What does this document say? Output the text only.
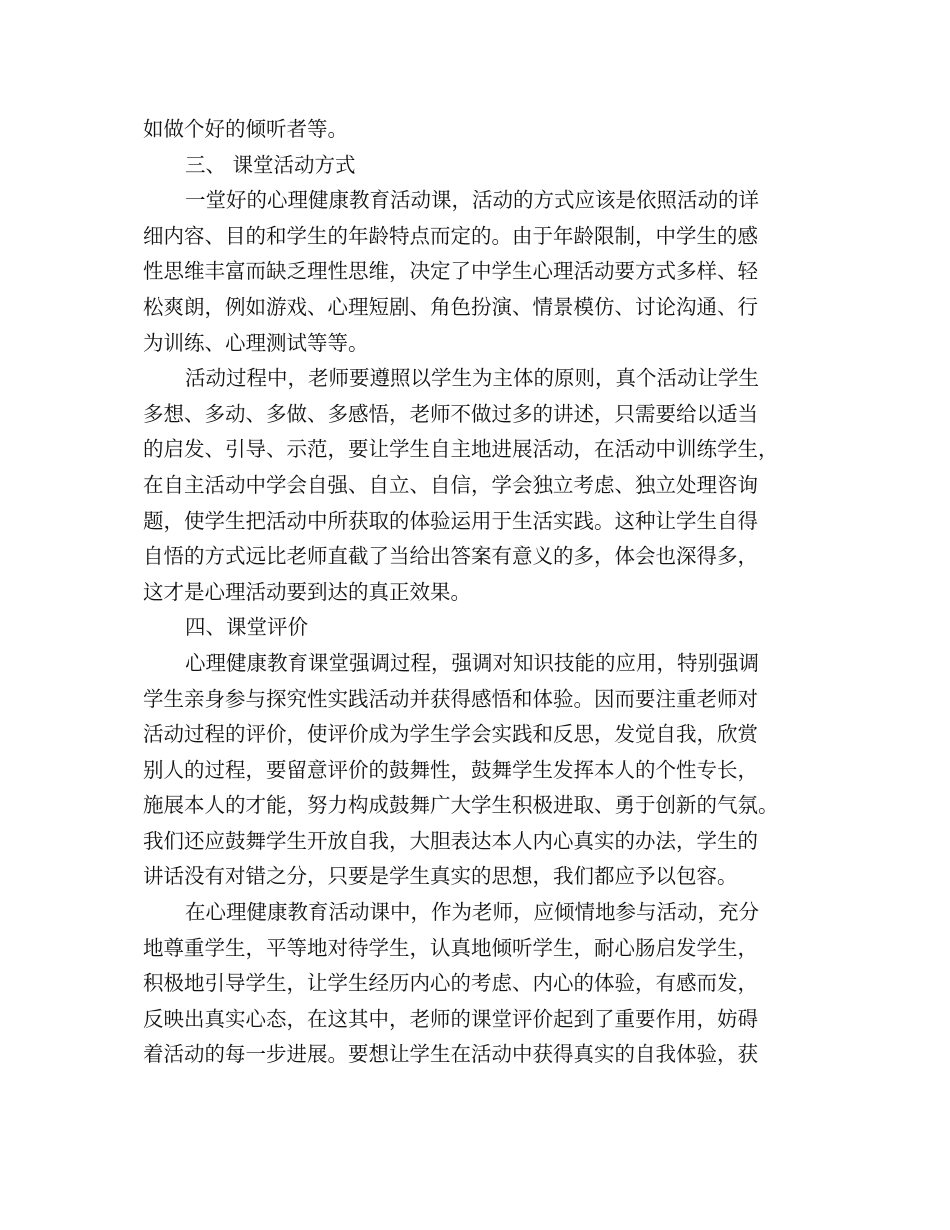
如做个好的倾听者等。
三、 课堂活动方式
一堂好的心理健康教育活动课，活动的方式应该是依照活动的详
细内容、目的和学生的年龄特点而定的。由于年龄限制，中学生的感
性思维丰富而缺乏理性思维，决定了中学生心理活动要方式多样、轻
松爽朗，例如游戏、心理短剧、角色扮演、情景模仿、讨论沟通、行
为训练、心理测试等等。
活动过程中，老师要遵照以学生为主体的原则，真个活动让学生
多想、多动、多做、多感悟，老师不做过多的讲述，只需要给以适当
的启发、引导、示范，要让学生自主地进展活动，在活动中训练学生，
在自主活动中学会自强、自立、自信，学会独立考虑、独立处理咨询
题，使学生把活动中所获取的体验运用于生活实践。这种让学生自得
自悟的方式远比老师直截了当给出答案有意义的多，体会也深得多，
这才是心理活动要到达的真正效果。
四、课堂评价
心理健康教育课堂强调过程，强调对知识技能的应用，特别强调
学生亲身参与探究性实践活动并获得感悟和体验。因而要注重老师对
活动过程的评价，使评价成为学生学会实践和反思，发觉自我，欣赏
别人的过程，要留意评价的鼓舞性，鼓舞学生发挥本人的个性专长，
施展本人的才能，努力构成鼓舞广大学生积极进取、勇于创新的气氛。
我们还应鼓舞学生开放自我，大胆表达本人内心真实的办法，学生的
讲话没有对错之分，只要是学生真实的思想，我们都应予以包容。
在心理健康教育活动课中，作为老师，应倾情地参与活动，充分
地尊重学生，平等地对待学生，认真地倾听学生，耐心肠启发学生，
积极地引导学生，让学生经历内心的考虑、内心的体验，有感而发，
反映出真实心态，在这其中，老师的课堂评价起到了重要作用，妨碍
着活动的每一步进展。要想让学生在活动中获得真实的自我体验，获
